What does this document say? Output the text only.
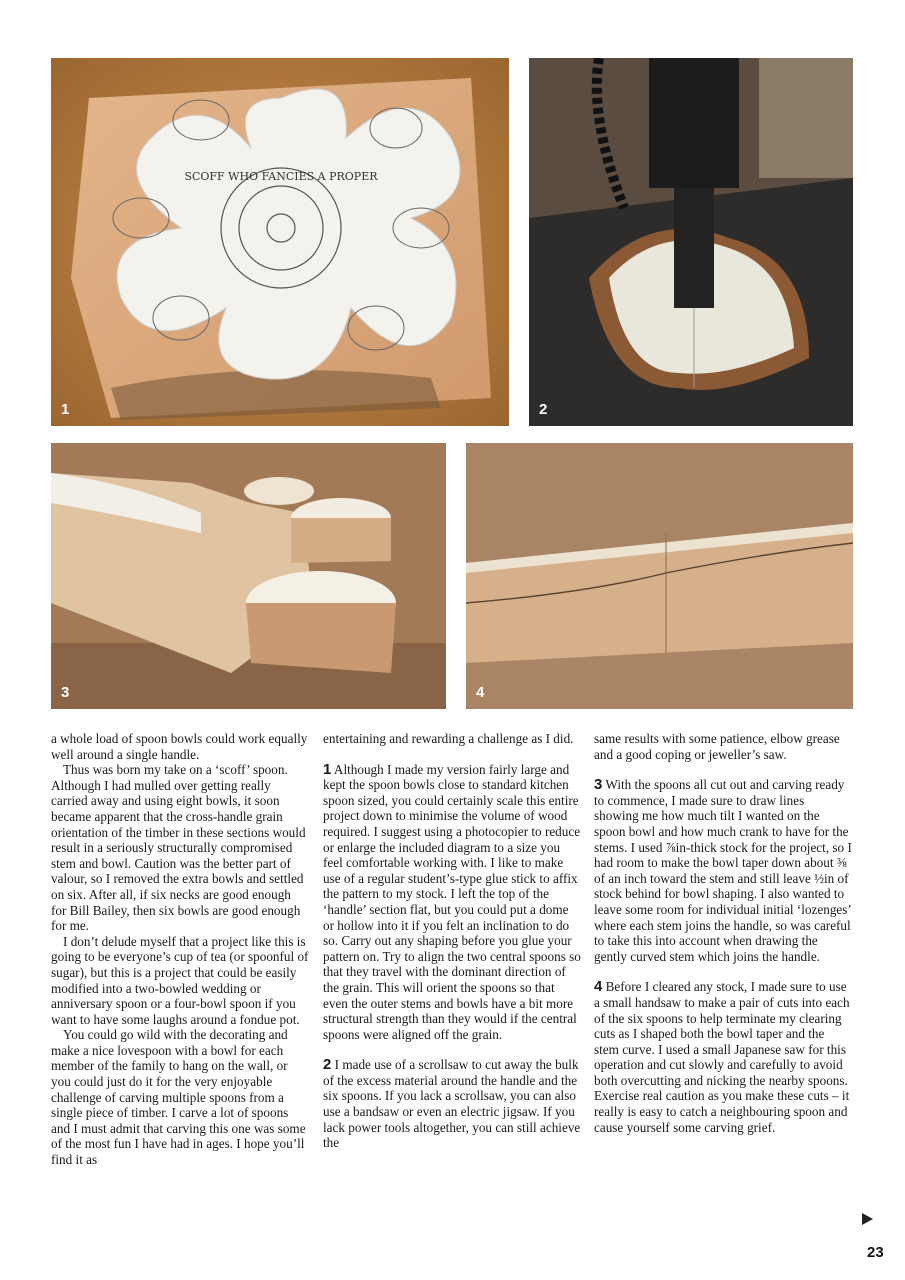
SCOFF WHO FANCIES A PROPER
1	2
3	4

a whole load of spoon bowls could work equally well around a single handle.

Thus was born my take on a ‘scoff’ spoon. Although I had mulled over getting really carried away and using eight bowls, it soon became apparent that the cross-handle grain orientation of the timber in these sections would result in a seriously structurally compromised stem and bowl. Caution was the better part of valour, so I removed the extra bowls and settled on six. After all, if six necks are good enough for Bill Bailey, then six bowls are good enough for me.

I don’t delude myself that a project like this is going to be everyone’s cup of tea (or spoonful of sugar), but this is a project that could be easily modified into a two-bowled wedding or anniversary spoon or a four-bowl spoon if you want to have some laughs around a fondue pot.

You could go wild with the decorating and make a nice lovespoon with a bowl for each member of the family to hang on the wall, or you could just do it for the very enjoyable challenge of carving multiple spoons from a single piece of timber. I carve a lot of spoons and I must admit that carving this one was some of the most fun I have had in ages. I hope you’ll find it as

entertaining and rewarding a challenge as I did.

1 Although I made my version fairly large and kept the spoon bowls close to standard kitchen spoon sized, you could certainly scale this entire project down to minimise the volume of wood required. I suggest using a photocopier to reduce or enlarge the included diagram to a size you feel comfortable working with. I like to make use of a regular student’s-type glue stick to affix the pattern to my stock. I left the top of the ‘handle’ section flat, but you could put a dome or hollow into it if you felt an inclination to do so. Carry out any shaping before you glue your pattern on. Try to align the two central spoons so that they travel with the dominant direction of the grain. This will orient the spoons so that even the outer stems and bowls have a bit more structural strength than they would if the central spoons were aligned off the grain.

2 I made use of a scrollsaw to cut away the bulk of the excess material around the handle and the six spoons. If you lack a scrollsaw, you can also use a bandsaw or even an electric jigsaw. If you lack power tools altogether, you can still achieve the

same results with some patience, elbow grease and a good coping or jeweller’s saw.

3 With the spoons all cut out and carving ready to commence, I made sure to draw lines showing me how much tilt I wanted on the spoon bowl and how much crank to have for the stems. I used ⅞in-thick stock for the project, so I had room to make the bowl taper down about ⅜ of an inch toward the stem and still leave ½in of stock behind for bowl shaping. I also wanted to leave some room for individual initial ‘lozenges’ where each stem joins the handle, so was careful to take this into account when drawing the gently curved stem which joins the handle.

4 Before I cleared any stock, I made sure to use a small handsaw to make a pair of cuts into each of the six spoons to help terminate my clearing cuts as I shaped both the bowl taper and the stem curve. I used a small Japanese saw for this operation and cut slowly and carefully to avoid both overcutting and nicking the nearby spoons. Exercise real caution as you make these cuts – it really is easy to catch a neighbouring spoon and cause yourself some carving grief.

23
